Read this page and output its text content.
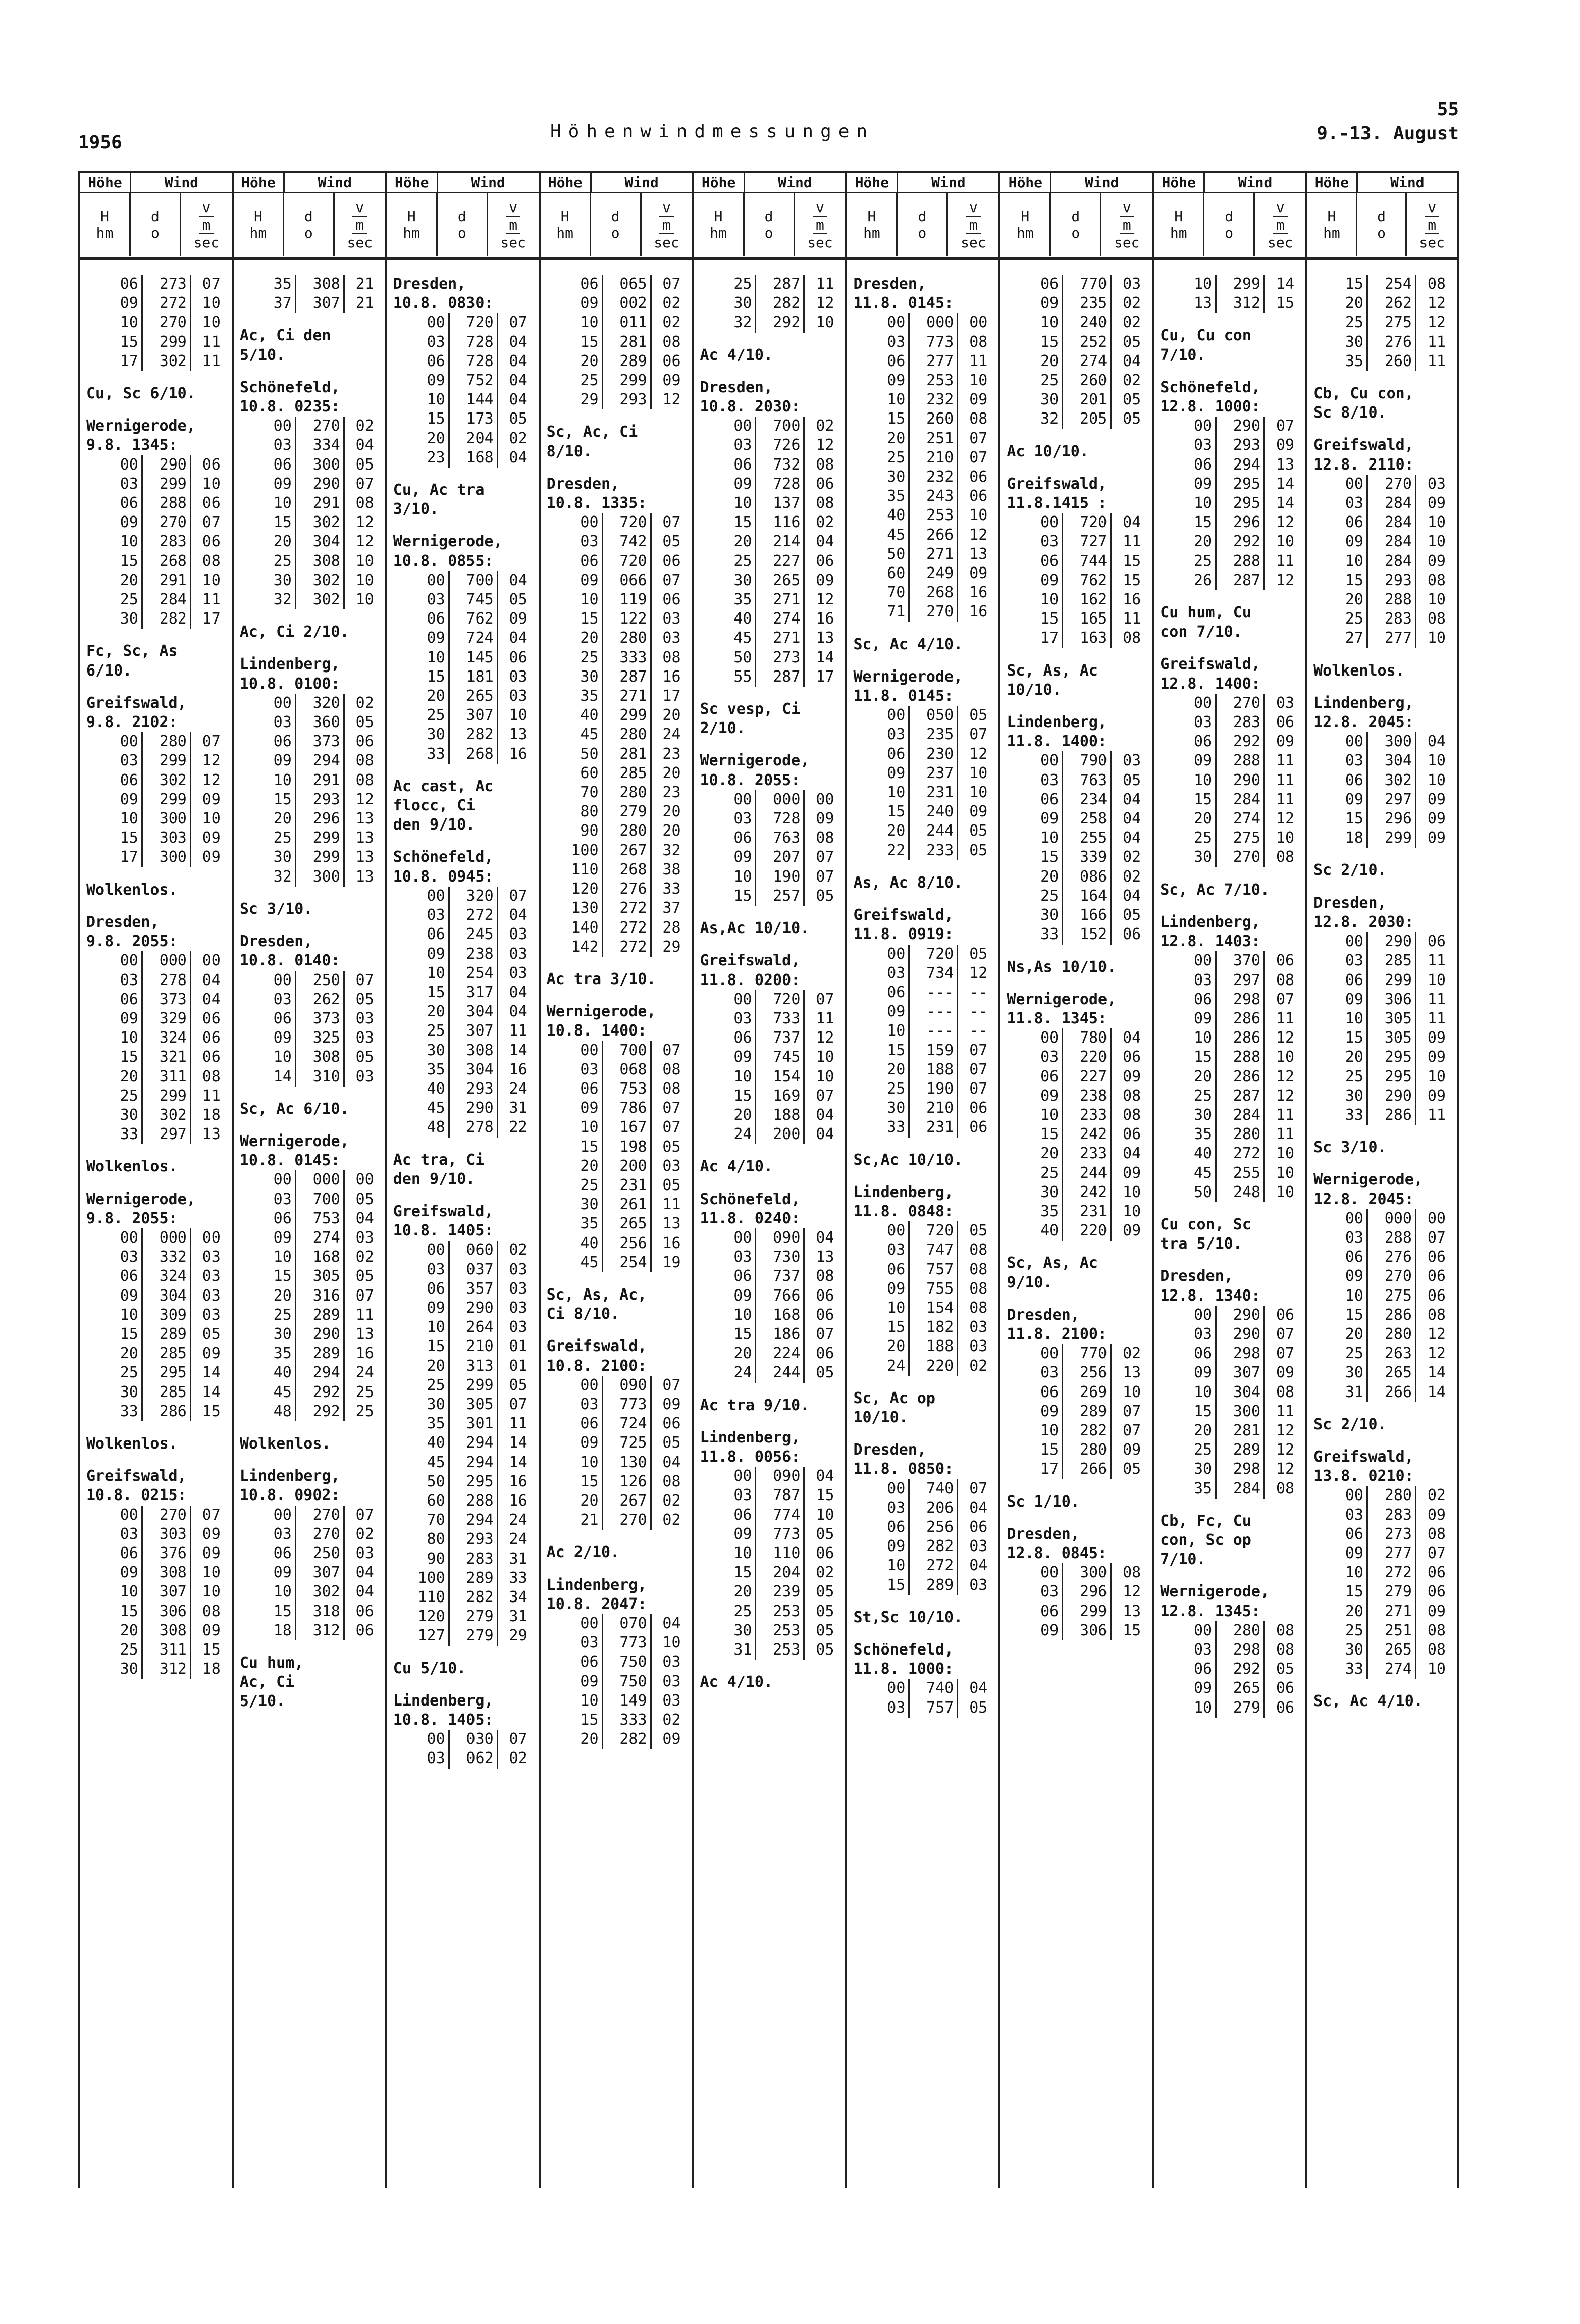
1956
Höhenwindmessungen
55
9.-13. August
Höhe	Wind
H
hm
d
o
v
m
sec
06	273	07
09	272	10
10	270	10
15	299	11
17	302	11
Cu, Sc 6/10.
Wernigerode,
9.8. 1345:
00	290	06
03	299	10
06	288	06
09	270	07
10	283	06
15	268	08
20	291	10
25	284	11
30	282	17
Fc, Sc, As
6/10.
Greifswald,
9.8. 2102:
00	280	07
03	299	12
06	302	12
09	299	09
10	300	10
15	303	09
17	300	09
Wolkenlos.
Dresden,
9.8. 2055:
00	000	00
03	278	04
06	373	04
09	329	06
10	324	06
15	321	06
20	311	08
25	299	11
30	302	18
33	297	13
Wolkenlos.
Wernigerode,
9.8. 2055:
00	000	00
03	332	03
06	324	03
09	304	03
10	309	03
15	289	05
20	285	09
25	295	14
30	285	14
33	286	15
Wolkenlos.
Greifswald,
10.8. 0215:
00	270	07
03	303	09
06	376	09
09	308	10
10	307	10
15	306	08
20	308	09
25	311	15
30	312	18
Höhe	Wind
H
hm
d
o
v
m
sec
35	308	21
37	307	21
Ac, Ci den
5/10.
Schönefeld,
10.8. 0235:
00	270	02
03	334	04
06	300	05
09	290	07
10	291	08
15	302	12
20	304	12
25	308	10
30	302	10
32	302	10
Ac, Ci 2/10.
Lindenberg,
10.8. 0100:
00	320	02
03	360	05
06	373	06
09	294	08
10	291	08
15	293	12
20	296	13
25	299	13
30	299	13
32	300	13
Sc 3/10.
Dresden,
10.8. 0140:
00	250	07
03	262	05
06	373	03
09	325	03
10	308	05
14	310	03
Sc, Ac 6/10.
Wernigerode,
10.8. 0145:
00	000	00
03	700	05
06	753	04
09	274	03
10	168	02
15	305	05
20	316	07
25	289	11
30	290	13
35	289	16
40	294	24
45	292	25
48	292	25
Wolkenlos.
Lindenberg,
10.8. 0902:
00	270	07
03	270	02
06	250	03
09	307	04
10	302	04
15	318	06
18	312	06
Cu hum,
Ac, Ci
5/10.
Höhe	Wind
H
hm
d
o
v
m
sec
Dresden,
10.8. 0830:
00	720	07
03	728	04
06	728	04
09	752	04
10	144	04
15	173	05
20	204	02
23	168	04
Cu, Ac tra
3/10.
Wernigerode,
10.8. 0855:
00	700	04
03	745	05
06	762	09
09	724	04
10	145	06
15	181	03
20	265	03
25	307	10
30	282	13
33	268	16
Ac cast, Ac
flocc, Ci
den 9/10.
Schönefeld,
10.8. 0945:
00	320	07
03	272	04
06	245	03
09	238	03
10	254	03
15	317	04
20	304	04
25	307	11
30	308	14
35	304	16
40	293	24
45	290	31
48	278	22
Ac tra, Ci
den 9/10.
Greifswald,
10.8. 1405:
00	060	02
03	037	03
06	357	03
09	290	03
10	264	03
15	210	01
20	313	01
25	299	05
30	305	07
35	301	11
40	294	14
45	294	14
50	295	16
60	288	16
70	294	24
80	293	24
90	283	31
100	289	33
110	282	34
120	279	31
127	279	29
Cu 5/10.
Lindenberg,
10.8. 1405:
00	030	07
03	062	02
Höhe	Wind
H
hm
d
o
v
m
sec
06	065	07
09	002	02
10	011	02
15	281	08
20	289	06
25	299	09
29	293	12
Sc, Ac, Ci
8/10.
Dresden,
10.8. 1335:
00	720	07
03	742	05
06	720	06
09	066	07
10	119	06
15	122	03
20	280	03
25	333	08
30	287	16
35	271	17
40	299	20
45	280	24
50	281	23
60	285	20
70	280	23
80	279	20
90	280	20
100	267	32
110	268	38
120	276	33
130	272	37
140	272	28
142	272	29
Ac tra 3/10.
Wernigerode,
10.8. 1400:
00	700	07
03	068	08
06	753	08
09	786	07
10	167	07
15	198	05
20	200	03
25	231	05
30	261	11
35	265	13
40	256	16
45	254	19
Sc, As, Ac,
Ci 8/10.
Greifswald,
10.8. 2100:
00	090	07
03	773	09
06	724	06
09	725	05
10	130	04
15	126	08
20	267	02
21	270	02
Ac 2/10.
Lindenberg,
10.8. 2047:
00	070	04
03	773	10
06	750	03
09	750	03
10	149	03
15	333	02
20	282	09
Höhe	Wind
H
hm
d
o
v
m
sec
25	287	11
30	282	12
32	292	10
Ac 4/10.
Dresden,
10.8. 2030:
00	700	02
03	726	12
06	732	08
09	728	06
10	137	08
15	116	02
20	214	04
25	227	06
30	265	09
35	271	12
40	274	16
45	271	13
50	273	14
55	287	17
Sc vesp, Ci
2/10.
Wernigerode,
10.8. 2055:
00	000	00
03	728	09
06	763	08
09	207	07
10	190	07
15	257	05
As,Ac 10/10.
Greifswald,
11.8. 0200:
00	720	07
03	733	11
06	737	12
09	745	10
10	154	10
15	169	07
20	188	04
24	200	04
Ac 4/10.
Schönefeld,
11.8. 0240:
00	090	04
03	730	13
06	737	08
09	766	06
10	168	06
15	186	07
20	224	06
24	244	05
Ac tra 9/10.
Lindenberg,
11.8. 0056:
00	090	04
03	787	15
06	774	10
09	773	05
10	110	06
15	204	02
20	239	05
25	253	05
30	253	05
31	253	05
Ac 4/10.
Höhe	Wind
H
hm
d
o
v
m
sec
Dresden,
11.8. 0145:
00	000	00
03	773	08
06	277	11
09	253	10
10	232	09
15	260	08
20	251	07
25	210	07
30	232	06
35	243	06
40	253	10
45	266	12
50	271	13
60	249	09
70	268	16
71	270	16
Sc, Ac 4/10.
Wernigerode,
11.8. 0145:
00	050	05
03	235	07
06	230	12
09	237	10
10	231	10
15	240	09
20	244	05
22	233	05
As, Ac 8/10.
Greifswald,
11.8. 0919:
00	720	05
03	734	12
06	---	--
09	---	--
10	---	--
15	159	07
20	188	07
25	190	07
30	210	06
33	231	06
Sc,Ac 10/10.
Lindenberg,
11.8. 0848:
00	720	05
03	747	08
06	757	08
09	755	08
10	154	08
15	182	03
20	188	03
24	220	02
Sc, Ac op
10/10.
Dresden,
11.8. 0850:
00	740	07
03	206	04
06	256	06
09	282	03
10	272	04
15	289	03
St,Sc 10/10.
Schönefeld,
11.8. 1000:
00	740	04
03	757	05
Höhe	Wind
H
hm
d
o
v
m
sec
06	770	03
09	235	02
10	240	02
15	252	05
20	274	04
25	260	02
30	201	05
32	205	05
Ac 10/10.
Greifswald,
11.8.1415 :
00	720	04
03	727	11
06	744	15
09	762	15
10	162	16
15	165	11
17	163	08
Sc, As, Ac
10/10.
Lindenberg,
11.8. 1400:
00	790	03
03	763	05
06	234	04
09	258	04
10	255	04
15	339	02
20	086	02
25	164	04
30	166	05
33	152	06
Ns,As 10/10.
Wernigerode,
11.8. 1345:
00	780	04
03	220	06
06	227	09
09	238	08
10	233	08
15	242	06
20	233	04
25	244	09
30	242	10
35	231	10
40	220	09
Sc, As, Ac
9/10.
Dresden,
11.8. 2100:
00	770	02
03	256	13
06	269	10
09	289	07
10	282	07
15	280	09
17	266	05
Sc 1/10.
Dresden,
12.8. 0845:
00	300	08
03	296	12
06	299	13
09	306	15
Höhe	Wind
H
hm
d
o
v
m
sec
10	299	14
13	312	15
Cu, Cu con
7/10.
Schönefeld,
12.8. 1000:
00	290	07
03	293	09
06	294	13
09	295	14
10	295	14
15	296	12
20	292	10
25	288	11
26	287	12
Cu hum, Cu
con 7/10.
Greifswald,
12.8. 1400:
00	270	03
03	283	06
06	292	09
09	288	11
10	290	11
15	284	11
20	274	12
25	275	10
30	270	08
Sc, Ac 7/10.
Lindenberg,
12.8. 1403:
00	370	06
03	297	08
06	298	07
09	286	11
10	286	12
15	288	10
20	286	12
25	287	12
30	284	11
35	280	11
40	272	10
45	255	10
50	248	10
Cu con, Sc
tra 5/10.
Dresden,
12.8. 1340:
00	290	06
03	290	07
06	298	07
09	307	09
10	304	08
15	300	11
20	281	12
25	289	12
30	298	12
35	284	08
Cb, Fc, Cu
con, Sc op
7/10.
Wernigerode,
12.8. 1345:
00	280	08
03	298	08
06	292	05
09	265	06
10	279	06
Höhe	Wind
H
hm
d
o
v
m
sec
15	254	08
20	262	12
25	275	12
30	276	11
35	260	11
Cb, Cu con,
Sc 8/10.
Greifswald,
12.8. 2110:
00	270	03
03	284	09
06	284	10
09	284	10
10	284	09
15	293	08
20	288	10
25	283	08
27	277	10
Wolkenlos.
Lindenberg,
12.8. 2045:
00	300	04
03	304	10
06	302	10
09	297	09
15	296	09
18	299	09
Sc 2/10.
Dresden,
12.8. 2030:
00	290	06
03	285	11
06	299	10
09	306	11
10	305	11
15	305	09
20	295	09
25	295	10
30	290	09
33	286	11
Sc 3/10.
Wernigerode,
12.8. 2045:
00	000	00
03	288	07
06	276	06
09	270	06
10	275	06
15	286	08
20	280	12
25	263	12
30	265	14
31	266	14
Sc 2/10.
Greifswald,
13.8. 0210:
00	280	02
03	283	09
06	273	08
09	277	07
10	272	06
15	279	06
20	271	09
25	251	08
30	265	08
33	274	10
Sc, Ac 4/10.
